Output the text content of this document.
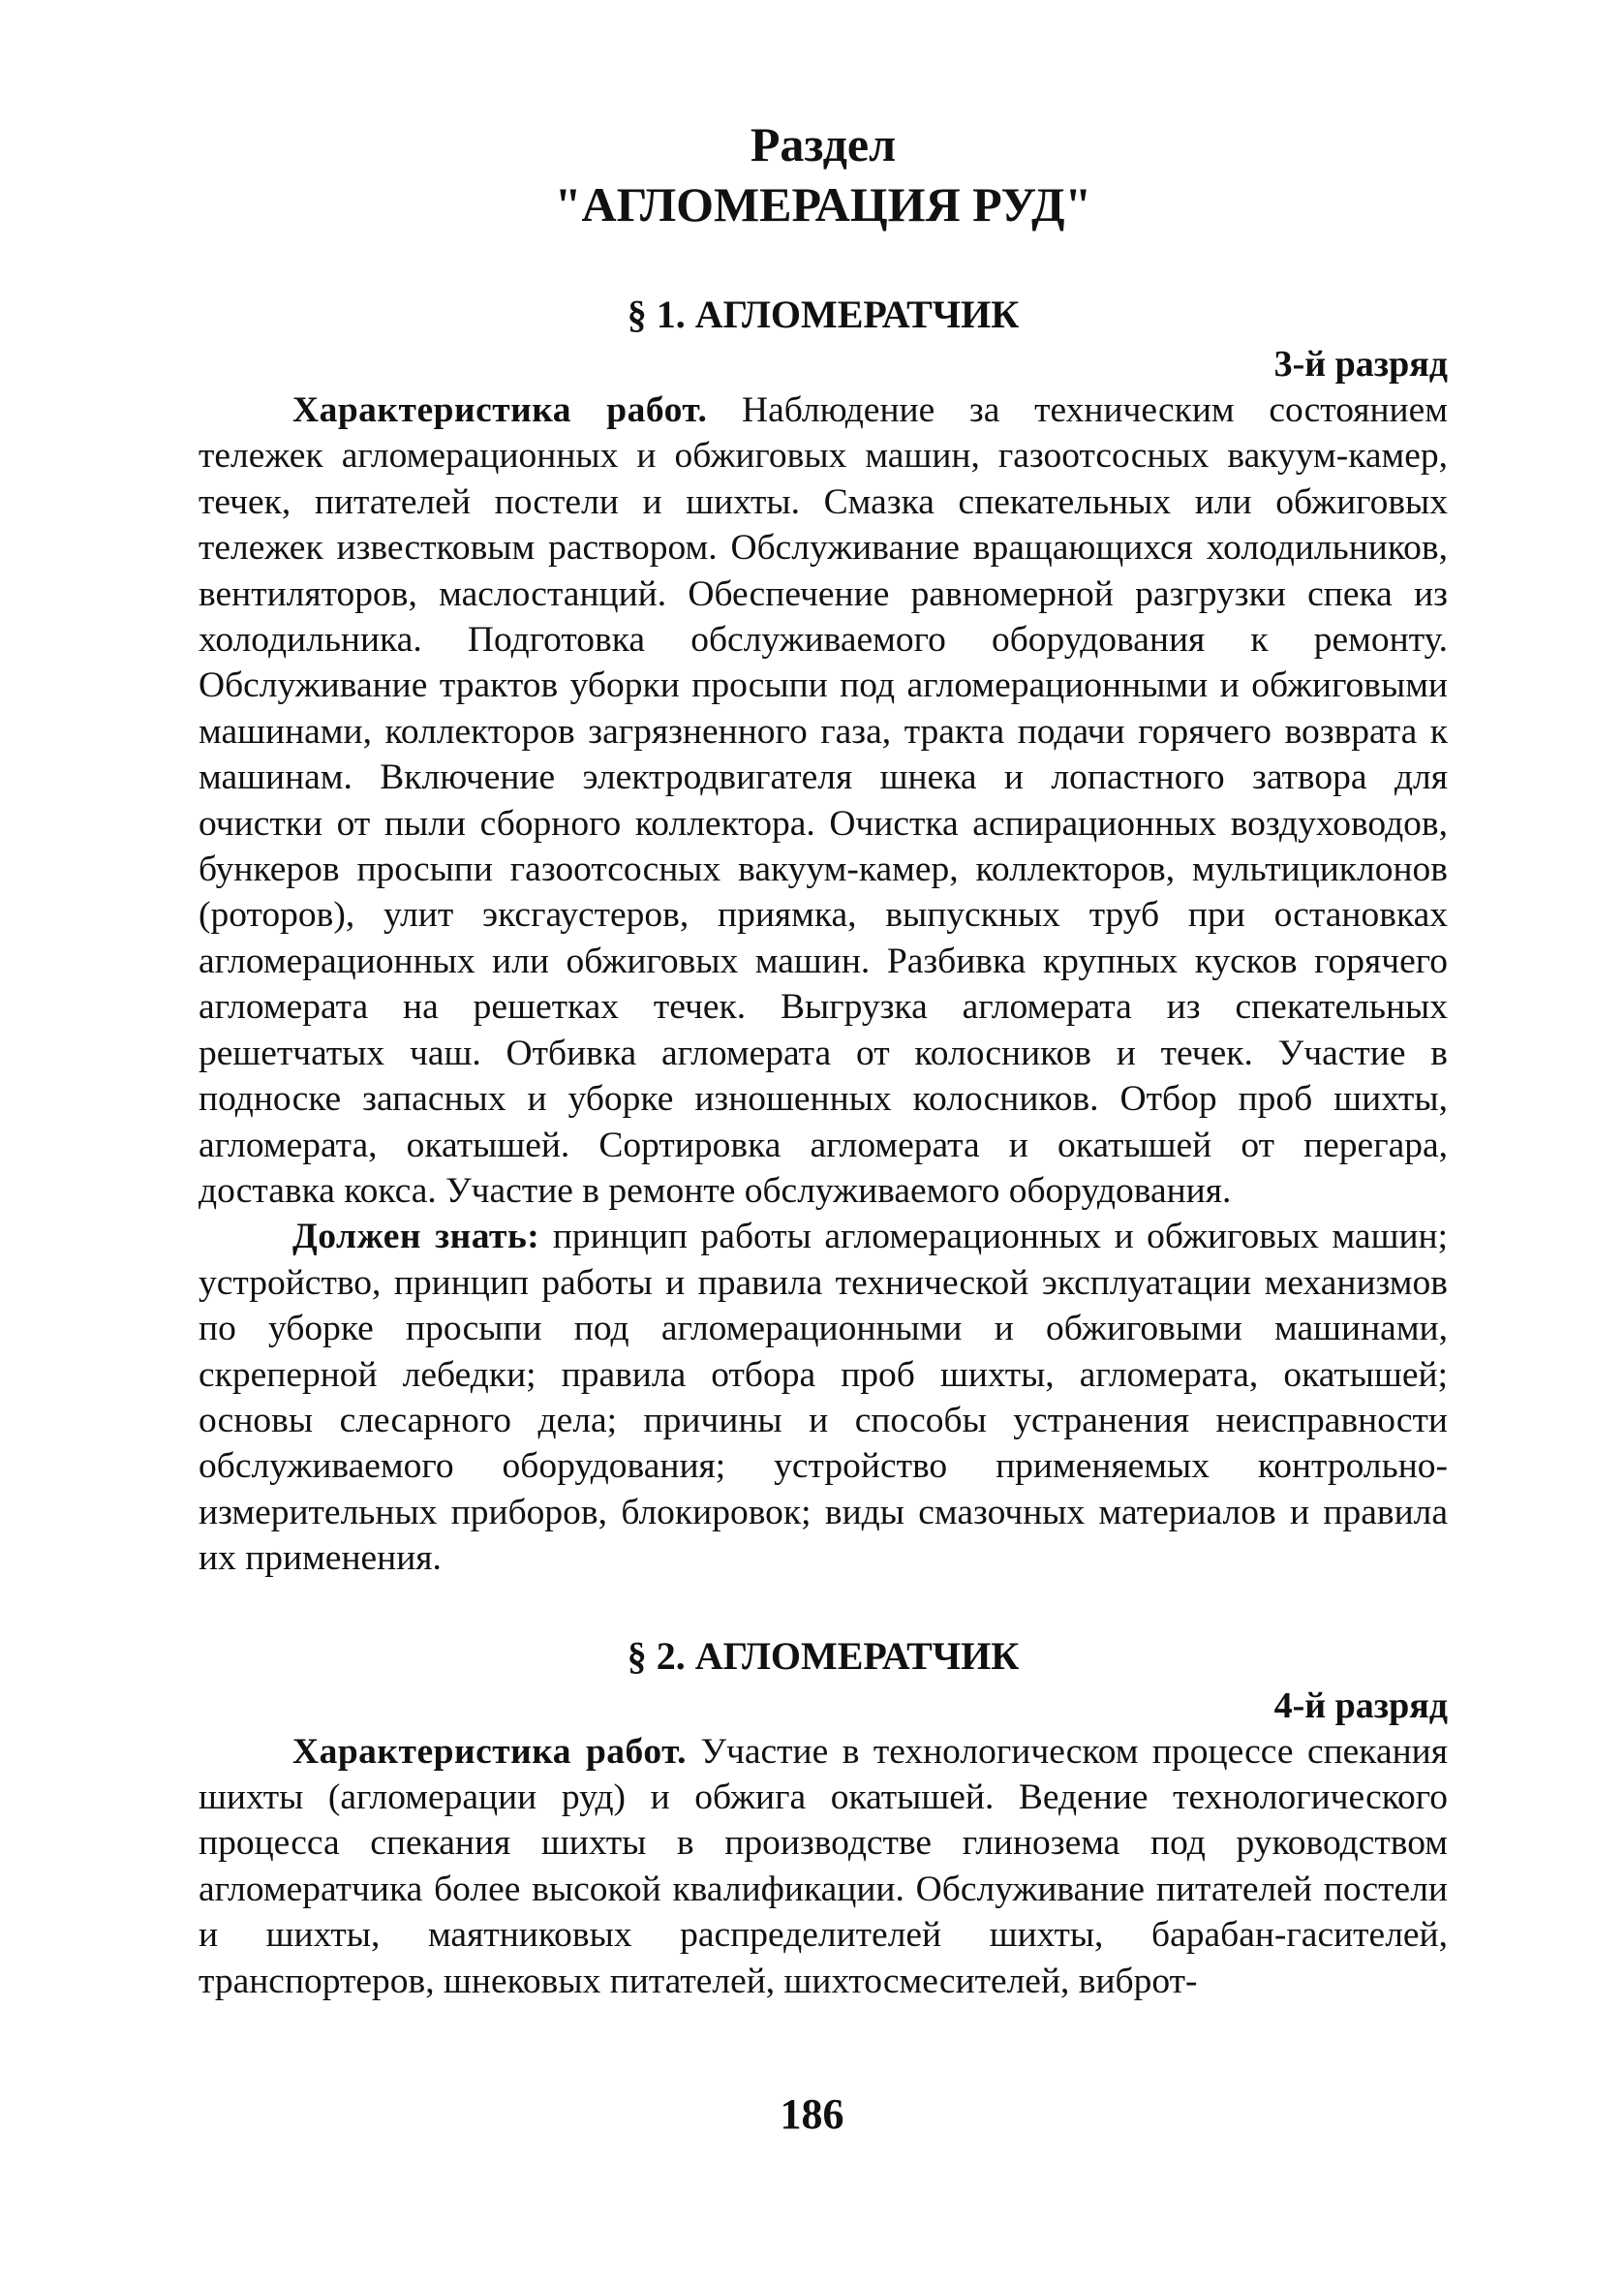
Раздел

"АГЛОМЕРАЦИЯ РУД"

§ 1. АГЛОМЕРАТЧИК

3-й разряд

Характеристика работ. Наблюдение за техническим состоянием тележек агломерационных и обжиговых машин, газоотсосных вакуум-камер, течек, питателей постели и шихты. Смазка спекательных или обжиговых тележек известковым раствором. Обслуживание вращающихся холодильников, вентиляторов, маслостанций. Обеспечение равномерной разгрузки спека из холодильника. Подготовка обслуживаемого оборудования к ремонту. Обслуживание трактов уборки просыпи под агломерационными и обжиговыми машинами, коллекторов загрязненного газа, тракта подачи горячего возврата к машинам. Включение электродвигателя шнека и лопастного затвора для очистки от пыли сборного коллектора. Очистка аспирационных воздуховодов, бункеров просыпи газоотсосных вакуум-камер, коллекторов, мультициклонов (роторов), улит эксгаустеров, приямка, выпускных труб при остановках агломерационных или обжиговых машин. Разбивка крупных кусков горячего агломерата на решетках течек. Выгрузка агломерата из спекательных решетчатых чаш. Отбивка агломерата от колосников и течек. Участие в подноске запасных и уборке изношенных колосников. Отбор проб шихты, агломерата, окатышей. Сортировка агломерата и окатышей от перегара, доставка кокса. Участие в ремонте обслуживаемого оборудования.

Должен знать: принцип работы агломерационных и обжиговых машин; устройство, принцип работы и правила технической эксплуатации механизмов по уборке просыпи под агломерационными и обжиговыми машинами, скреперной лебедки; правила отбора проб шихты, агломерата, окатышей; основы слесарного дела; причины и способы устранения неисправности обслуживаемого оборудования; устройство применяемых контрольно-измерительных приборов, блокировок; виды смазочных материалов и правила их применения.

§ 2. АГЛОМЕРАТЧИК

4-й разряд

Характеристика работ. Участие в технологическом процессе спекания шихты (агломерации руд) и обжига окатышей. Ведение технологического процесса спекания шихты в производстве глинозема под руководством агломератчика более высокой квалификации. Обслуживание питателей постели и шихты, маятниковых распределителей шихты, барабан-гасителей, транспортеров, шнековых питателей, шихтосмесителей, виброт-

186
